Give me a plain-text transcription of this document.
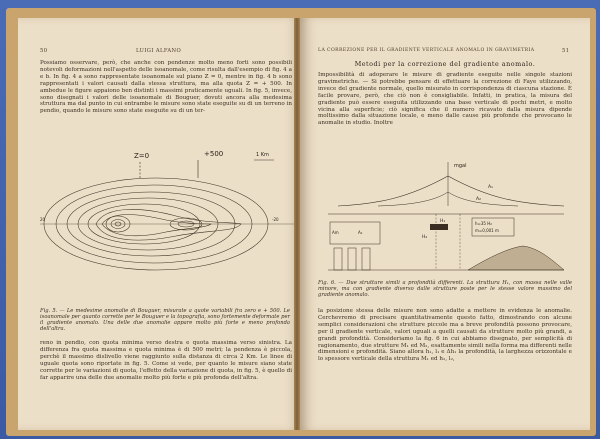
50	LUIGI ALFANO
Possiamo osservare, però, che anche con pendenze molto meno forti sono possibili notevoli deformazioni nell'aspetto delle isoanomale, come risulta dall'esempio di fig. 4 a e b. In fig. 4 a sono rappresentate isoanomale sul piano Z = 0, mentre in fig. 4 b sono rappresentati i valori causati dalla stessa struttura, ma alla quota Z = + 500. In ambedue le figure appaiono ben distinti i massimi praticamente uguali. In fig. 5, invece, sono disegnati i valori delle isoanomale di Bouguer, dovuti ancora alla medesima struttura ma dal punto in cui entrambe le misure sono state eseguite su di un terreno in pendio, quando le misure sono state eseguite su di un ter-
Z=0	+500	1 Km
20	-20
Fig. 5. — Le medesime anomalie di Bouguer, misurate a quote variabili fra zero e + 500. Le isoanomale per quanto corrette per le Bouguer e la topografia, sono fortemente deformate per il gradiente anomalo. Una delle due anomalie appare molto più forte e meno profonda dell'altra.
reno in pendio, con quota minima verso destra e quota massima verso sinistra. La differenza fra quota massima e quota minima è di 500 metri; la pendenza è piccola, perchè il massimo dislivello viene raggiunto sulla distanza di circa 2 Km. Le linee di uguale quota sono riportate in fig. 5. Come si vede, per quanto le misure siano state corrette per le variazioni di quota, l'effetto della variazione di quota, in fig. 5, è quello di far apparire una delle due anomalie molto più forte e più profonda dell'altra.
LA CORREZIONE PER IL GRADIENTE VERTICALE ANOMALO IN GRAVIMETRIA	51
Metodi per la correzione del gradiente anomalo.
Impossibilità di adoperare le misure di gradiente eseguite nelle singole stazioni gravimetriche. — Si potrebbe pensare di effettuare la correzione di Faye utilizzando, invece del gradiente normale, quello misurato in corrispondenza di ciascuna stazione. È facile provare, però, che ciò non è consigliabile. Infatti, in pratica, la misura del gradiente può essere eseguita utilizzando una base verticale di pochi metri, e molto vicina alla superficie; ciò significa che il numero ricavato dalla misura dipende moltissimo dalla situazione locale, e meno dalle cause più profonde che provocano le anomalie in studio. Inoltre
mgal
A₁
A₂
H₁
H₂
Am	A₁
h=35 H₂
m=0,001 m
Fig. 6. — Due strutture simili a profondità differenti. La struttura H₁, con massa nelle valle minore, ma con gradiente diverso dalle strutture poste per le stesse valore massimo del gradiente anomalo.
la posizione stessa delle misure non sono adatte a mettere in evidenza le anomalie. Cerchevremo di precisare quantitativamente questo fatto, dimostrando con alcune semplici considerazioni che strutture piccole ma a breve profondità possono provocare, per il gradiente verticale, valori uguali a quelli causati da strutture molto più grandi, a grandi profondità. Consideriamo la fig. 6 in cui abbiamo disegnato, per semplicità di ragionamento, due strutture M₁ ed M₂, esattamente simili nella forma ma differenti nelle dimensioni e profondità. Siano allora h₁, l₁ e Δh₁ la profondità, la larghezza orizzontale e lo spessore verticale della struttura M₁ ed h₂, l₂,
